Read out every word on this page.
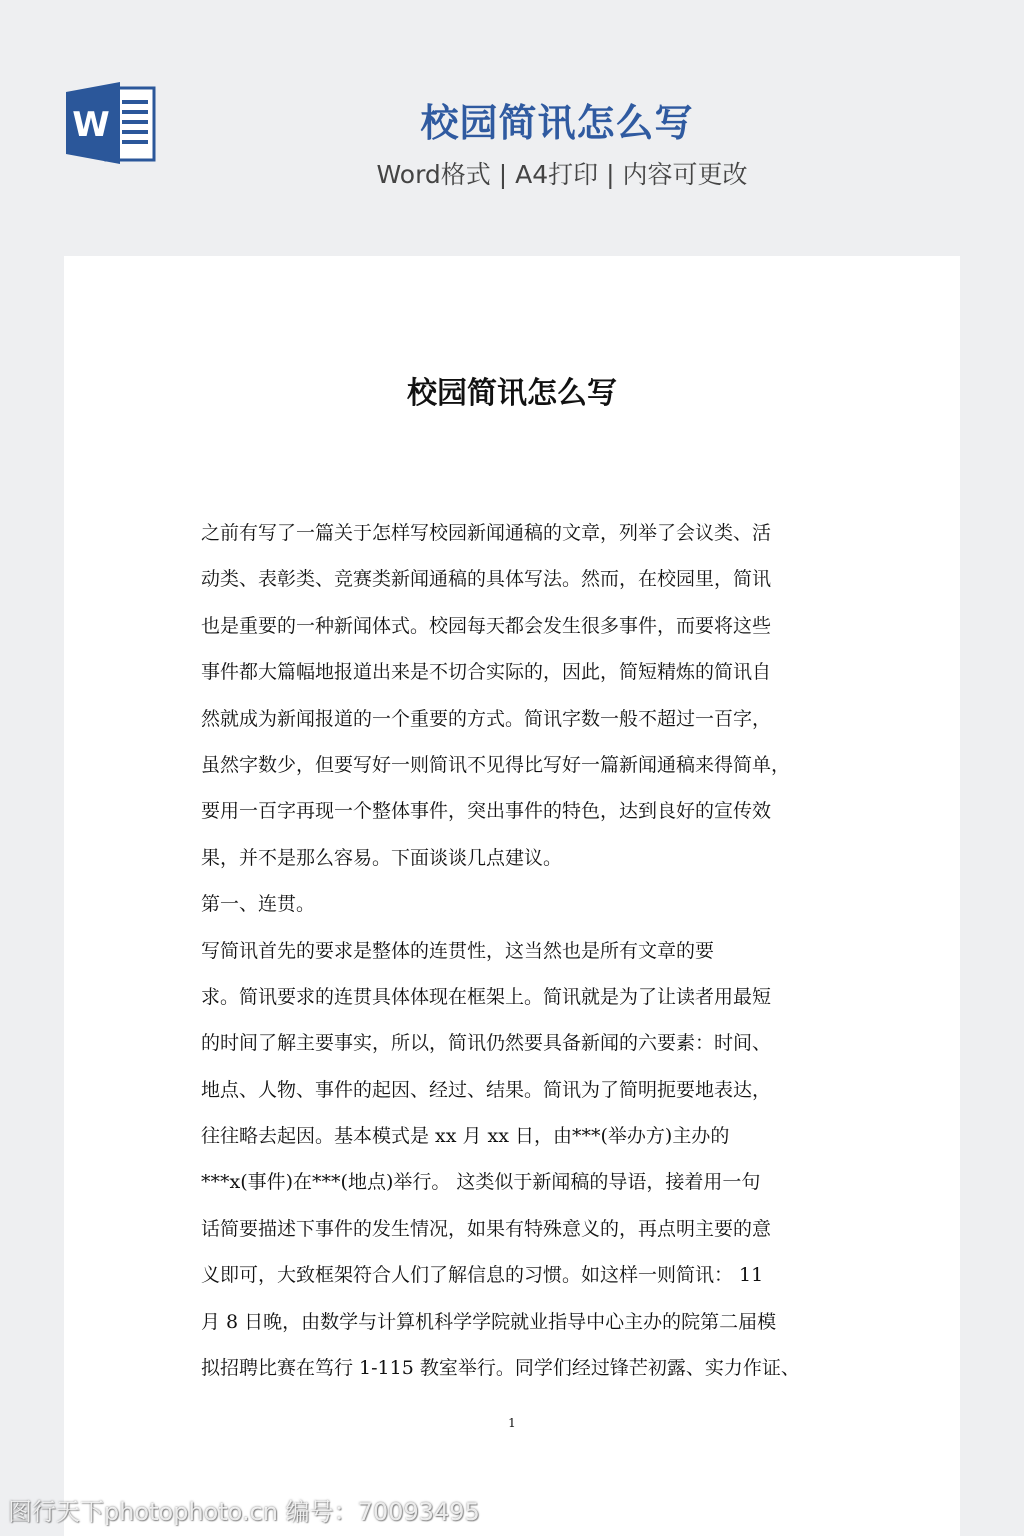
W	校园简讯怎么写
Word格式 | A4打印 | 内容可更改
校园简讯怎么写
之前有写了一篇关于怎样写校园新闻通稿的文章，列举了会议类、活
动类、表彰类、竞赛类新闻通稿的具体写法。然而，在校园里，简讯
也是重要的一种新闻体式。校园每天都会发生很多事件，而要将这些
事件都大篇幅地报道出来是不切合实际的，因此，简短精炼的简讯自
然就成为新闻报道的一个重要的方式。简讯字数一般不超过一百字，
虽然字数少，但要写好一则简讯不见得比写好一篇新闻通稿来得简单，
要用一百字再现一个整体事件，突出事件的特色，达到良好的宣传效
果，并不是那么容易。下面谈谈几点建议。
第一、连贯。
写简讯首先的要求是整体的连贯性，这当然也是所有文章的要
求。简讯要求的连贯具体体现在框架上。简讯就是为了让读者用最短
的时间了解主要事实，所以，简讯仍然要具备新闻的六要素：时间、
地点、人物、事件的起因、经过、结果。简讯为了简明扼要地表达，
往往略去起因。基本模式是 xx 月 xx 日，由***(举办方)主办的
***x(事件)在***(地点)举行。 这类似于新闻稿的导语，接着用一句
话简要描述下事件的发生情况，如果有特殊意义的，再点明主要的意
义即可，大致框架符合人们了解信息的习惯。如这样一则简讯： 11
月 8 日晚，由数学与计算机科学学院就业指导中心主办的院第二届模
拟招聘比赛在笃行 1-115 教室举行。同学们经过锋芒初露、实力作证、
1
图行天下photophoto.cn 编号：70093495
